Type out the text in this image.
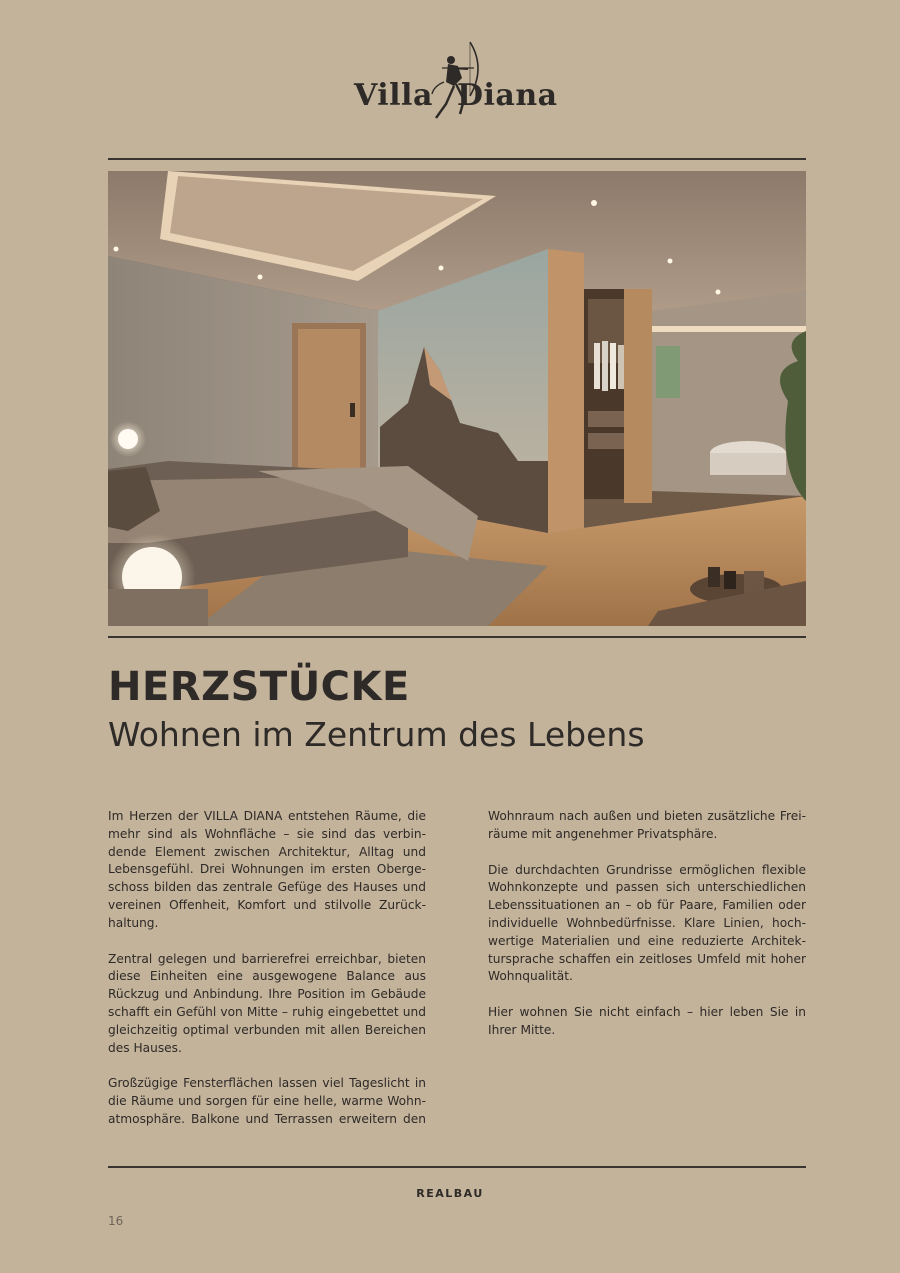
Villa Diana
HERZSTÜCKE
Wohnen im Zentrum des Lebens

Im Herzen der VILLA DIANA entstehen Räume, die
mehr sind als Wohnfläche – sie sind das verbin-
dende Element zwischen Architektur, Alltag und
Lebensgefühl. Drei Wohnungen im ersten Oberge-
schoss bilden das zentrale Gefüge des Hauses und
vereinen Offenheit, Komfort und stilvolle Zurück-
haltung.

Zentral gelegen und barrierefrei erreichbar, bieten
diese Einheiten eine ausgewogene Balance aus
Rückzug und Anbindung. Ihre Position im Gebäude
schafft ein Gefühl von Mitte – ruhig eingebettet und
gleichzeitig optimal verbunden mit allen Bereichen
des Hauses.

Großzügige Fensterflächen lassen viel Tageslicht in
die Räume und sorgen für eine helle, warme Wohn-
atmosphäre. Balkone und Terrassen erweitern den

Wohnraum nach außen und bieten zusätzliche Frei-
räume mit angenehmer Privatsphäre.

Die durchdachten Grundrisse ermöglichen flexible
Wohnkonzepte und passen sich unterschiedlichen
Lebenssituationen an – ob für Paare, Familien oder
individuelle Wohnbedürfnisse. Klare Linien, hoch-
wertige Materialien und eine reduzierte Architek-
tursprache schaffen ein zeitloses Umfeld mit hoher
Wohnqualität.

Hier wohnen Sie nicht einfach – hier leben Sie in
Ihrer Mitte.

REALBAU
16
